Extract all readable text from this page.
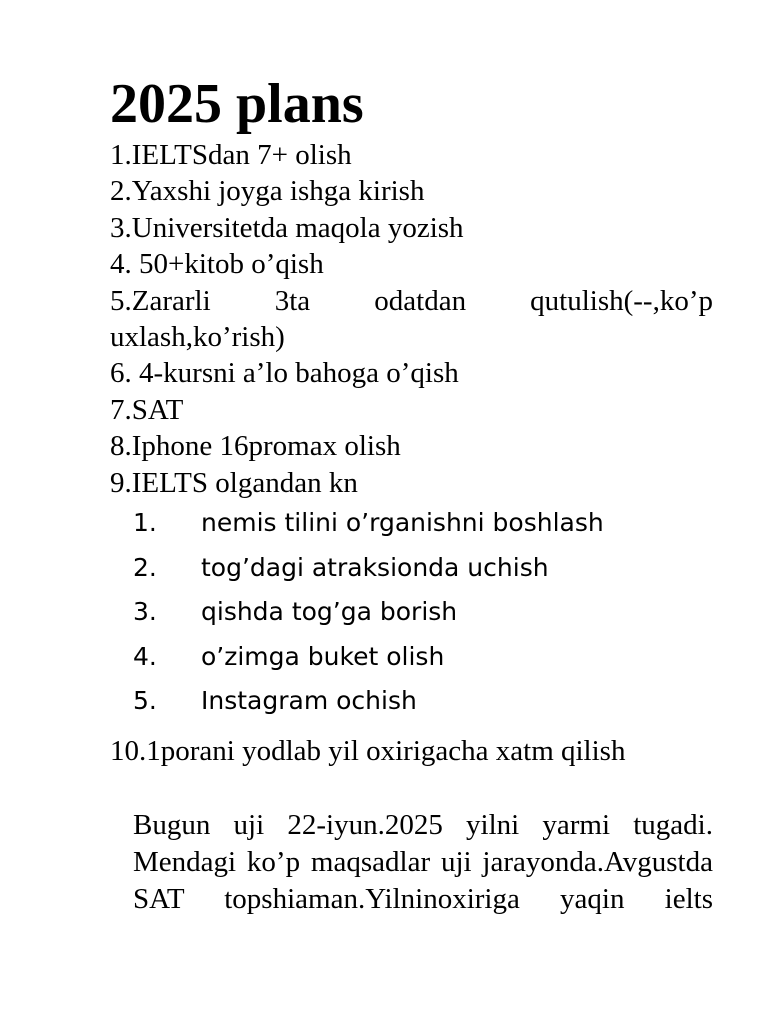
2025 plans
1.IELTSdan 7+ olish
2.Yaxshi joyga ishga kirish
3.Universitetda maqola yozish
4. 50+kitob o’qish
5.Zararli 3ta odatdan qutulish(--,ko’p uxlash,ko’rish)
6. 4-kursni a’lo bahoga o’qish
7.SAT
8.Iphone 16promax olish
9.IELTS olgandan kn
1. nemis tilini o’rganishni boshlash
2. tog’dagi atraksionda uchish
3. qishda tog’ga borish
4. o’zimga buket olish
5. Instagram ochish

10.1porani yodlab yil oxirigacha xatm qilish

Bugun uji 22-iyun.2025 yilni yarmi tugadi. Mendagi ko’p maqsadlar uji jarayonda.Avgustda SAT topshiaman.Yilninoxiriga yaqin ielts
